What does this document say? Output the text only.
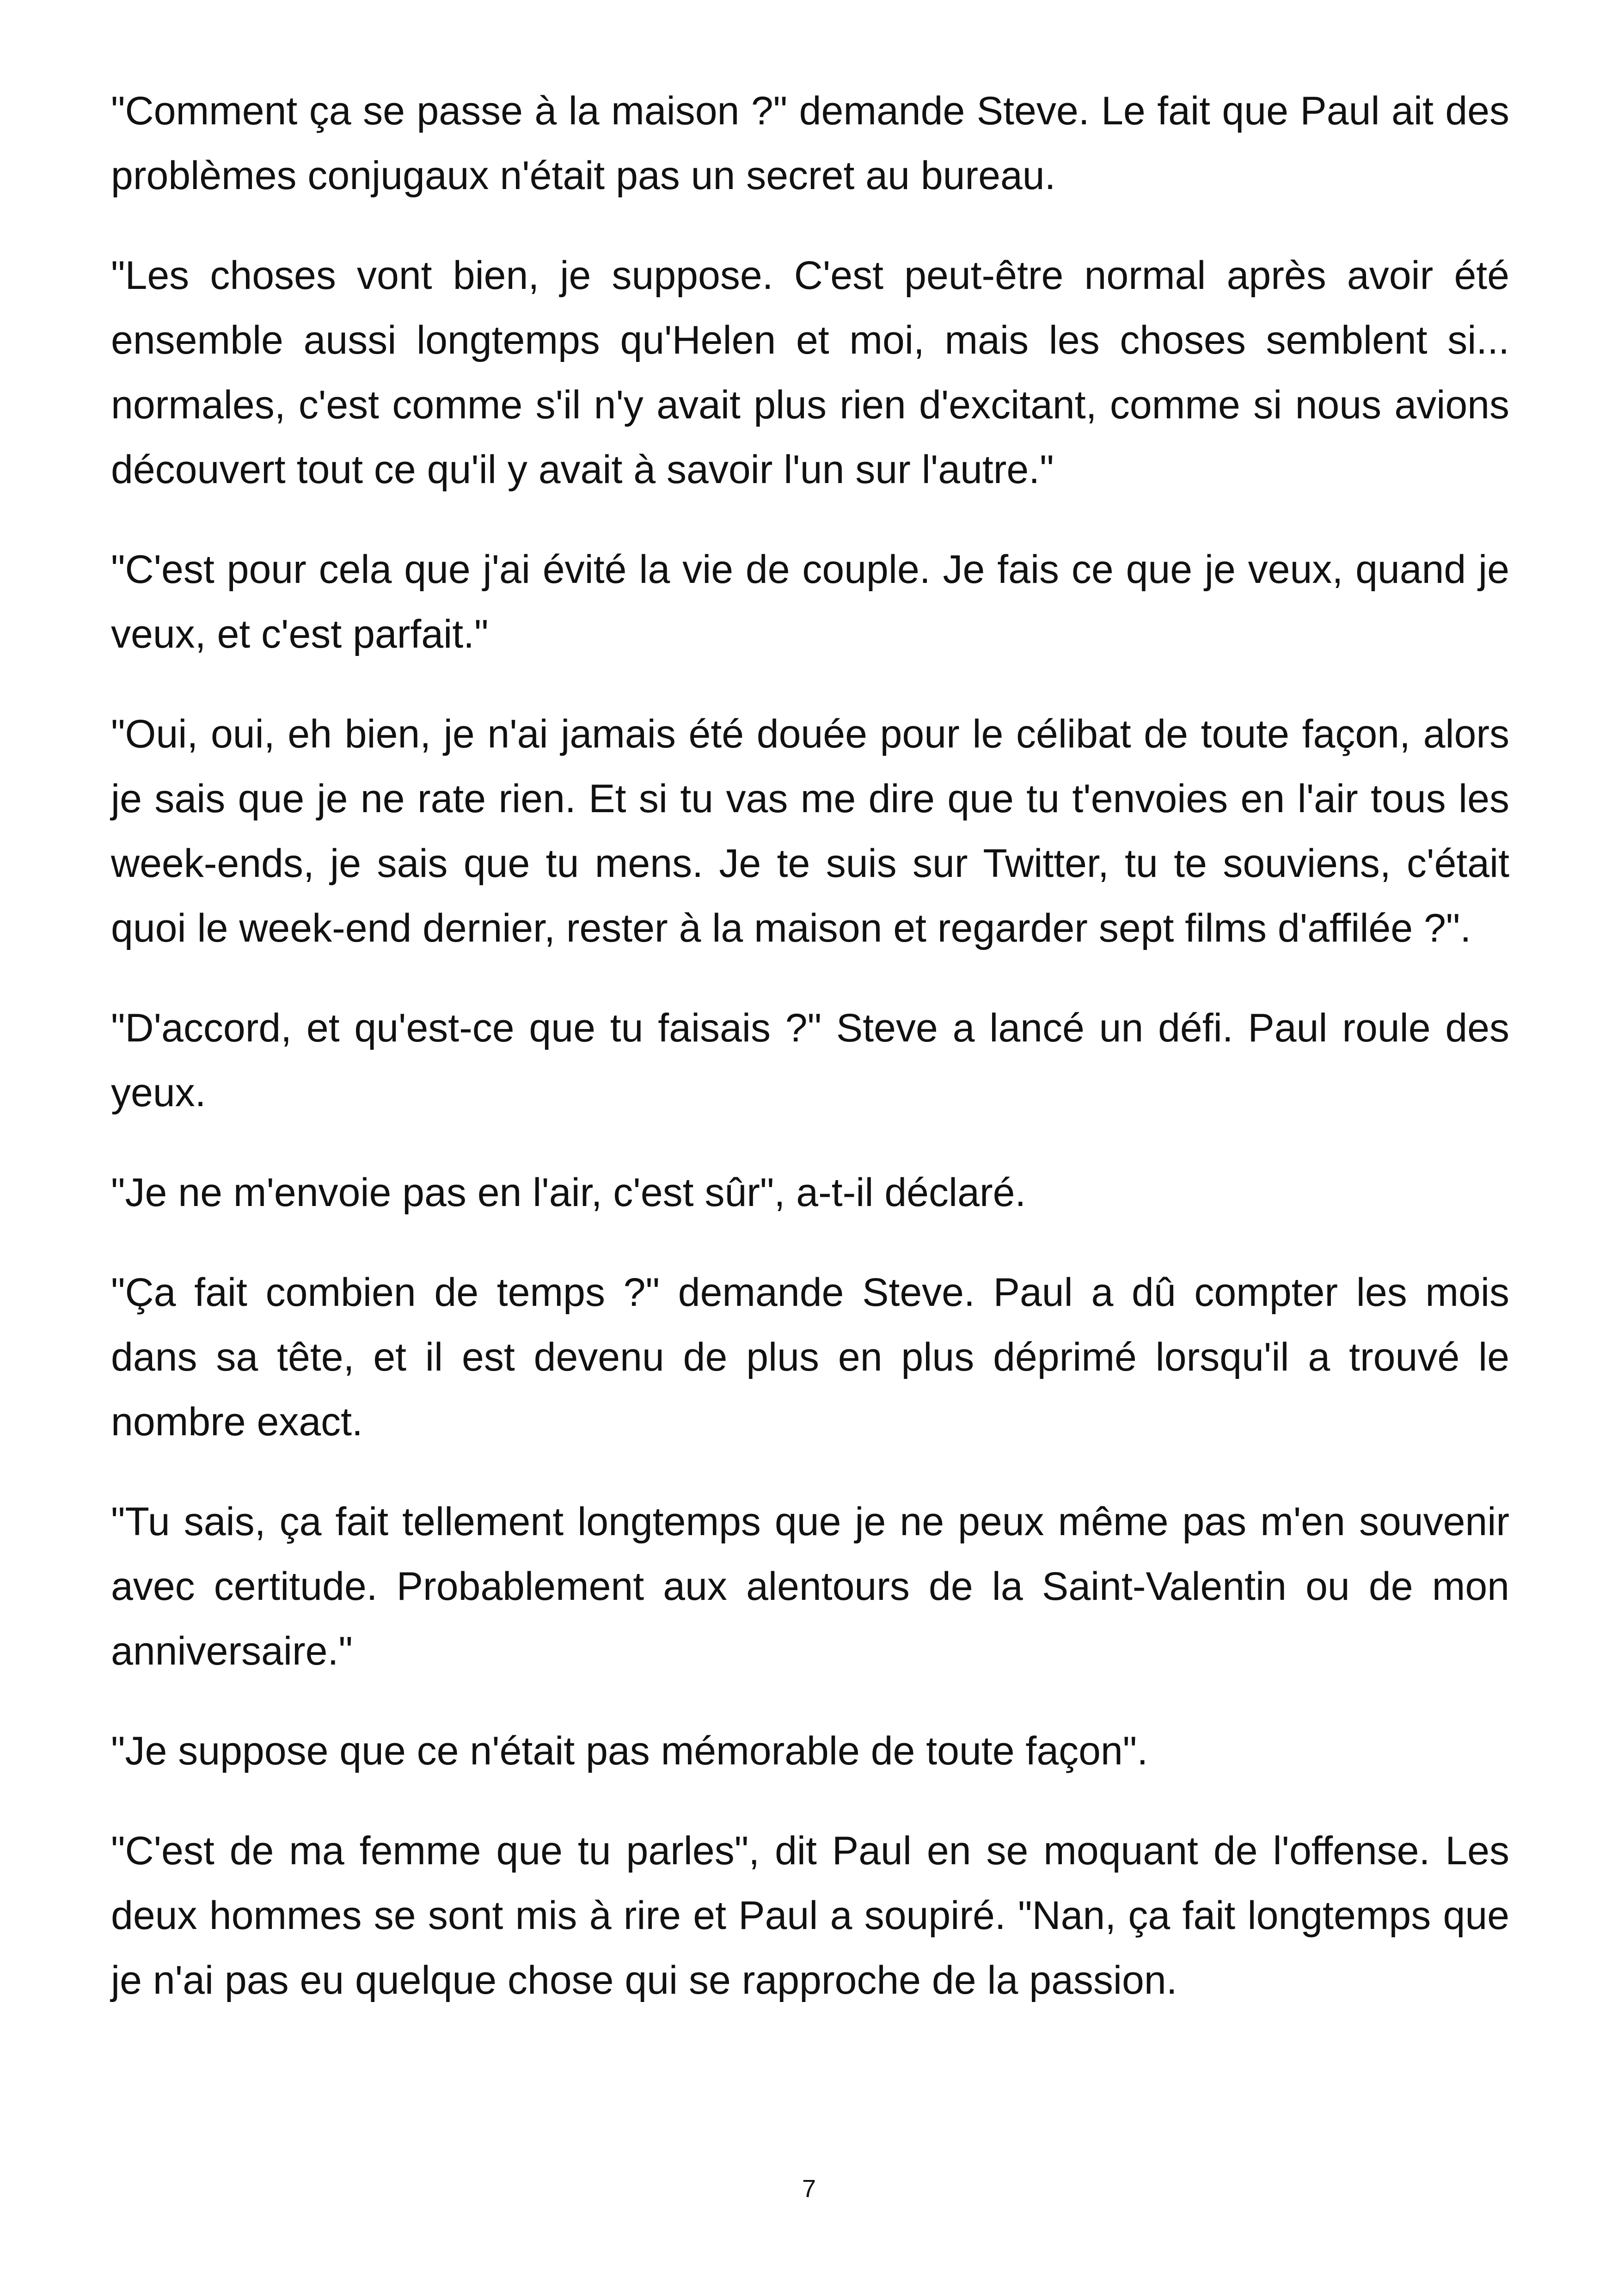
"Comment ça se passe à la maison ?" demande Steve. Le fait que Paul ait des problèmes conjugaux n'était pas un secret au bureau.

"Les choses vont bien, je suppose. C'est peut-être normal après avoir été ensemble aussi longtemps qu'Helen et moi, mais les choses semblent si... normales, c'est comme s'il n'y avait plus rien d'excitant, comme si nous avions découvert tout ce qu'il y avait à savoir l'un sur l'autre."

"C'est pour cela que j'ai évité la vie de couple. Je fais ce que je veux, quand je veux, et c'est parfait."

"Oui, oui, eh bien, je n'ai jamais été douée pour le célibat de toute façon, alors je sais que je ne rate rien. Et si tu vas me dire que tu t'envoies en l'air tous les week-ends, je sais que tu mens. Je te suis sur Twitter, tu te souviens, c'était quoi le week-end dernier, rester à la maison et regarder sept films d'affilée ?".

"D'accord, et qu'est-ce que tu faisais ?" Steve a lancé un défi. Paul roule des yeux.

"Je ne m'envoie pas en l'air, c'est sûr", a-t-il déclaré.

"Ça fait combien de temps ?" demande Steve. Paul a dû compter les mois dans sa tête, et il est devenu de plus en plus déprimé lorsqu'il a trouvé le nombre exact.

"Tu sais, ça fait tellement longtemps que je ne peux même pas m'en souvenir avec certitude. Probablement aux alentours de la Saint-Valentin ou de mon anniversaire."

"Je suppose que ce n'était pas mémorable de toute façon".

"C'est de ma femme que tu parles", dit Paul en se moquant de l'offense. Les deux hommes se sont mis à rire et Paul a soupiré. "Nan, ça fait longtemps que je n'ai pas eu quelque chose qui se rapproche de la passion.

7
